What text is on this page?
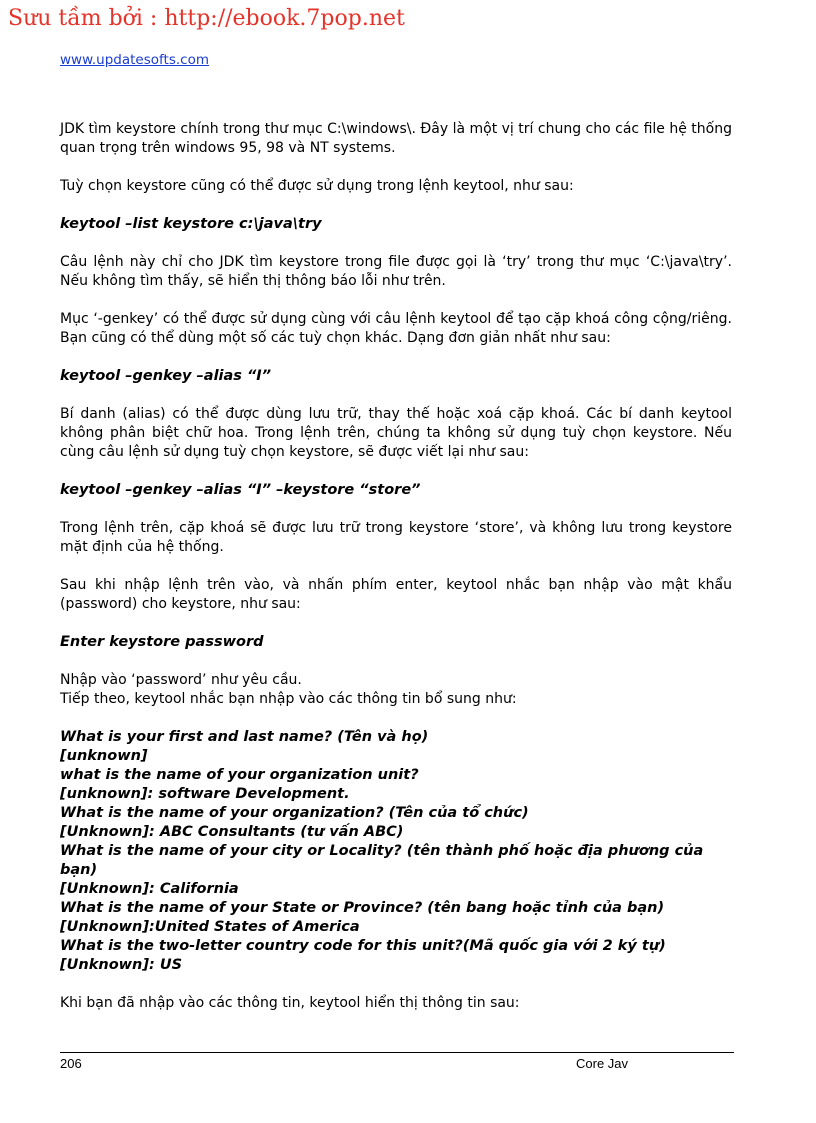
Sưu tầm bởi : http://ebook.7pop.net
www.updatesofts.com
JDK tìm keystore chính trong thư mục C:\windows\. Đây là một vị trí chung cho các file hệ thống quan trọng trên windows 95, 98 và NT systems.
Tuỳ chọn keystore cũng có thể được sử dụng trong lệnh keytool, như sau:
keytool –list keystore c:\java\try
Câu lệnh này chỉ cho JDK tìm keystore trong file được gọi là ‘try’ trong thư mục ‘C:\java\try’. Nếu không tìm thấy, sẽ hiển thị thông báo lỗi như trên.
Mục ‘-genkey’ có thể được sử dụng cùng với câu lệnh keytool để tạo cặp khoá công cộng/riêng. Bạn cũng có thể dùng một số các tuỳ chọn khác. Dạng đơn giản nhất như sau:
keytool –genkey –alias “I”
Bí danh (alias) có thể được dùng lưu trữ, thay thế hoặc xoá cặp khoá. Các bí danh keytool không phân biệt chữ hoa. Trong lệnh trên, chúng ta không sử dụng tuỳ chọn keystore. Nếu cùng câu lệnh sử dụng tuỳ chọn keystore, sẽ được viết lại như sau:
keytool –genkey –alias “I” –keystore “store”
Trong lệnh trên, cặp khoá sẽ được lưu trữ trong keystore ‘store’, và không lưu trong keystore mặt định của hệ thống.
Sau khi nhập lệnh trên vào, và nhấn phím enter, keytool nhắc bạn nhập vào mật khẩu (password) cho keystore, như sau:
Enter keystore password
Nhập vào ‘password’ như yêu cầu.
Tiếp theo, keytool nhắc bạn nhập vào các thông tin bổ sung như:
What is your first and last name? (Tên và họ)
[unknown]
what is the name of your organization unit?
[unknown]: software Development.
What is the name of your organization? (Tên của tổ chức)
[Unknown]: ABC Consultants (tư vấn ABC)
What is the name of your city or Locality? (tên thành phố hoặc địa phương của bạn)
[Unknown]: California
What is the name of your State or Province? (tên bang hoặc tỉnh của bạn)
[Unknown]:United States of America
What is the two-letter country code for this unit?(Mã quốc gia với 2 ký tự)
[Unknown]: US
Khi bạn đã nhập vào các thông tin, keytool hiển thị thông tin sau:
206	Core Jav
